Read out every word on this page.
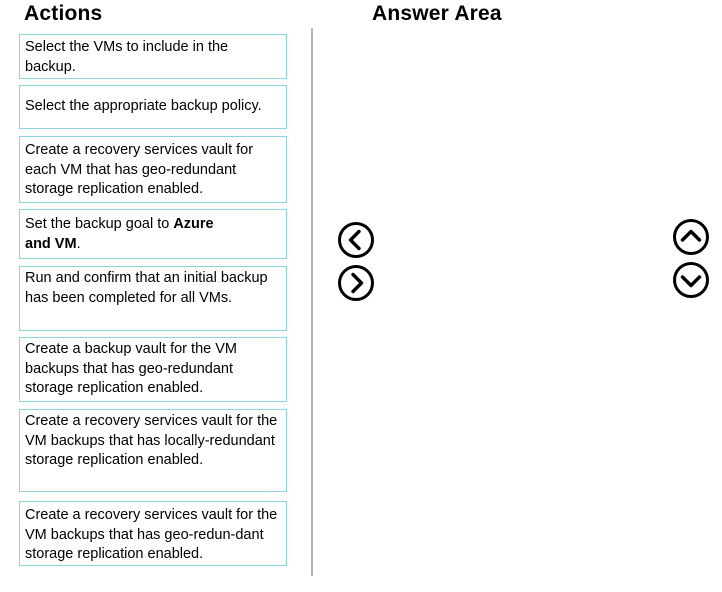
Actions	Answer Area
Select the VMs to include in the backup.
Select the appropriate backup policy.
Create a recovery services vault for each VM that has geo-redundant storage replication enabled.
Set the backup goal to Azure
and VM.
Run and confirm that an initial backup has been completed for all VMs.
Create a backup vault for the VM backups that has geo-redundant storage replication enabled.
Create a recovery services vault for the VM backups that has locally-redundant storage replication enabled.
Create a recovery services vault for the VM backups that has geo-redun-dant storage replication enabled.
